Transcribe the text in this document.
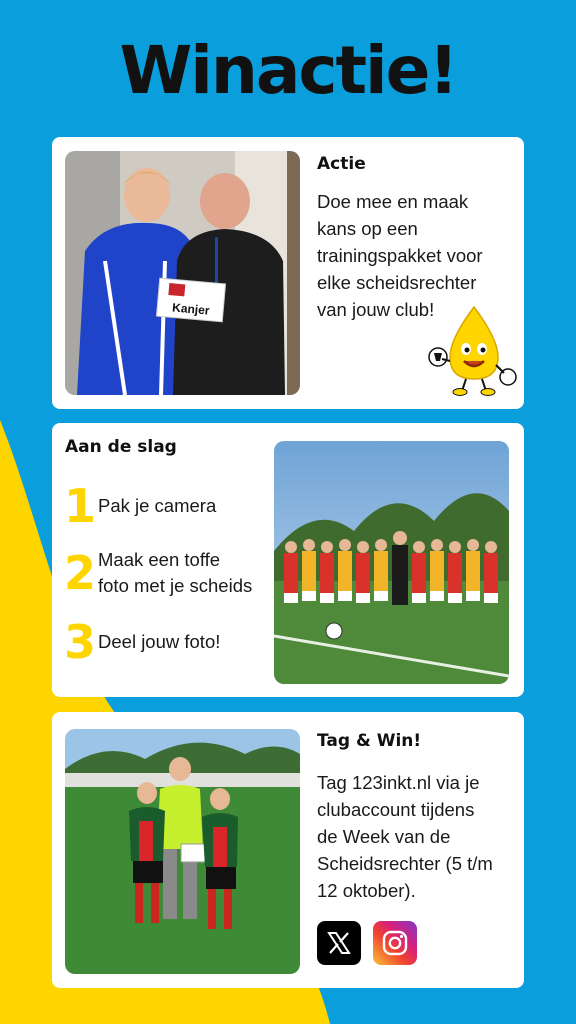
Winactie!
Kanjer
Actie
Doe mee en maak
kans op een
trainingspakket voor
elke scheidsrechter
van jouw club!
Aan de slag
1 Pak je camera
2 Maak een toffe
foto met je scheids
3 Deel jouw foto!
Tag & Win!
Tag 123inkt.nl via je
clubaccount tijdens
de Week van de
Scheidsrechter (5 t/m
12 oktober).
